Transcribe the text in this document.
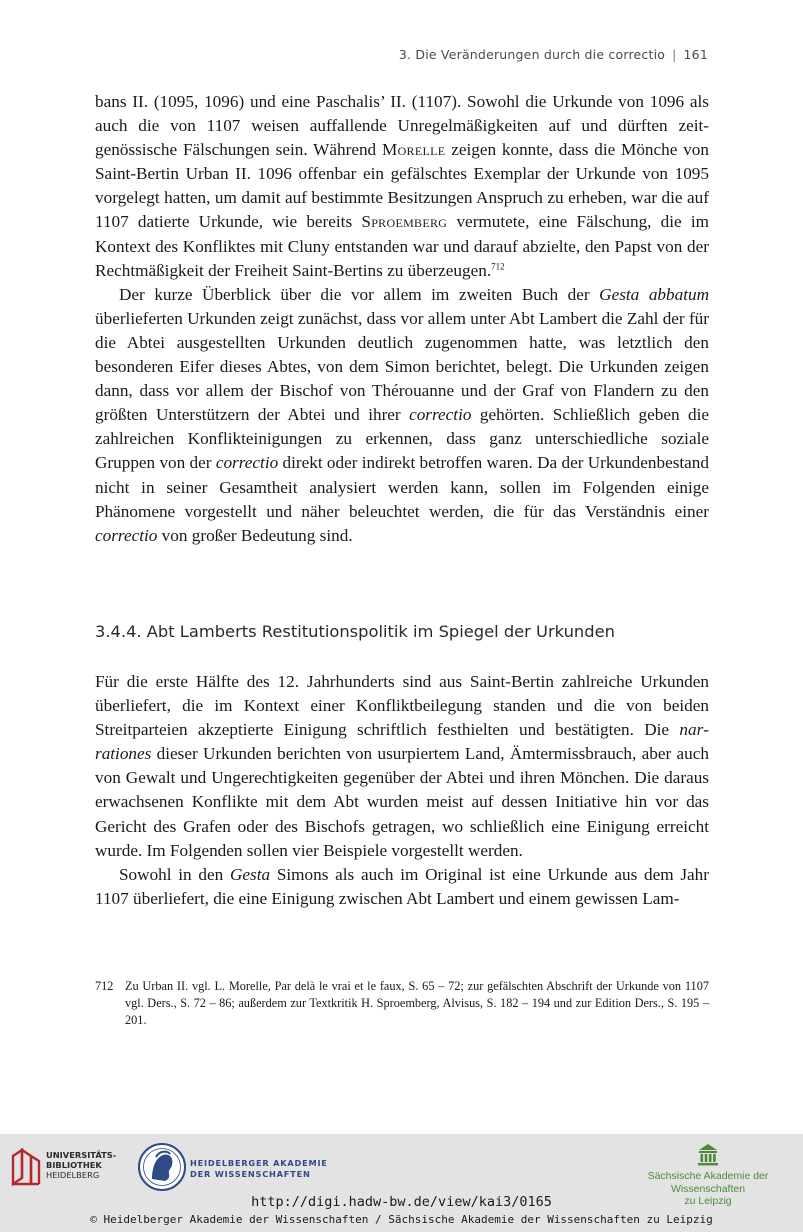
3. Die Veränderungen durch die correctio | 161

bans II. (1095, 1096) und eine Paschalis’ II. (1107). Sowohl die Urkunde von 1096 als auch die von 1107 weisen auffallende Unregelmäßigkeiten auf und dürften zeitgenössische Fälschungen sein. Während Morelle zeigen konnte, dass die Mönche von Saint-Bertin Urban II. 1096 offenbar ein gefälschtes Exemplar der Urkunde von 1095 vorgelegt hatten, um damit auf bestimmte Besitzungen Anspruch zu erheben, war die auf 1107 datierte Urkunde, wie bereits Sproemberg vermutete, eine Fälschung, die im Kontext des Konfliktes mit Cluny entstanden war und darauf abzielte, den Papst von der Rechtmäßigkeit der Freiheit Saint-Bertins zu überzeugen.$^{712}$

Der kurze Überblick über die vor allem im zweiten Buch der Gesta abbatum überlieferten Urkunden zeigt zunächst, dass vor allem unter Abt Lambert die Zahl der für die Abtei ausgestellten Urkunden deutlich zugenommen hatte, was letztlich den besonderen Eifer dieses Abtes, von dem Simon berichtet, belegt. Die Urkunden zeigen dann, dass vor allem der Bischof von Thérouanne und der Graf von Flandern zu den größten Unterstützern der Abtei und ihrer correctio gehörten. Schließlich geben die zahlreichen Konflikteinigungen zu erkennen, dass ganz unterschiedliche soziale Gruppen von der correctio direkt oder indirekt betroffen waren. Da der Urkundenbestand nicht in seiner Gesamtheit analysiert werden kann, sollen im Folgenden einige Phänomene vorgestellt und näher beleuchtet werden, die für das Verständnis einer correctio von großer Bedeutung sind.

3.4.4. Abt Lamberts Restitutionspolitik im Spiegel der Urkunden

Für die erste Hälfte des 12. Jahrhunderts sind aus Saint-Bertin zahlreiche Urkunden überliefert, die im Kontext einer Konfliktbeilegung standen und die von beiden Streitparteien akzeptierte Einigung schriftlich festhielten und bestätigten. Die narrationes dieser Urkunden berichten von usurpiertem Land, Ämtermissbrauch, aber auch von Gewalt und Ungerechtigkeiten gegenüber der Abtei und ihren Mönchen. Die daraus erwachsenen Konflikte mit dem Abt wurden meist auf dessen Initiative hin vor das Gericht des Grafen oder des Bischofs getragen, wo schließlich eine Einigung erreicht wurde. Im Folgenden sollen vier Beispiele vorgestellt werden.

Sowohl in den Gesta Simons als auch im Original ist eine Urkunde aus dem Jahr 1107 überliefert, die eine Einigung zwischen Abt Lambert und einem gewissen Lam-

712 Zu Urban II. vgl. L. Morelle, Par delà le vrai et le faux, S. 65 – 72; zur gefälschten Abschrift der Urkunde von 1107 vgl. Ders., S. 72 – 86; außerdem zur Textkritik H. Sproemberg, Alvisus, S. 182 – 194 und zur Edition Ders., S. 195 – 201.
UNIVERSITÄTS-
BIBLIOTHEK
HEIDELBERG
HEIDELBERGER AKADEMIE
DER WISSENSCHAFTEN	Sächsische Akademie der Wissenschaften
zu Leipzig
http://digi.hadw-bw.de/view/kai3/0165
© Heidelberger Akademie der Wissenschaften / Sächsische Akademie der Wissenschaften zu Leipzig
